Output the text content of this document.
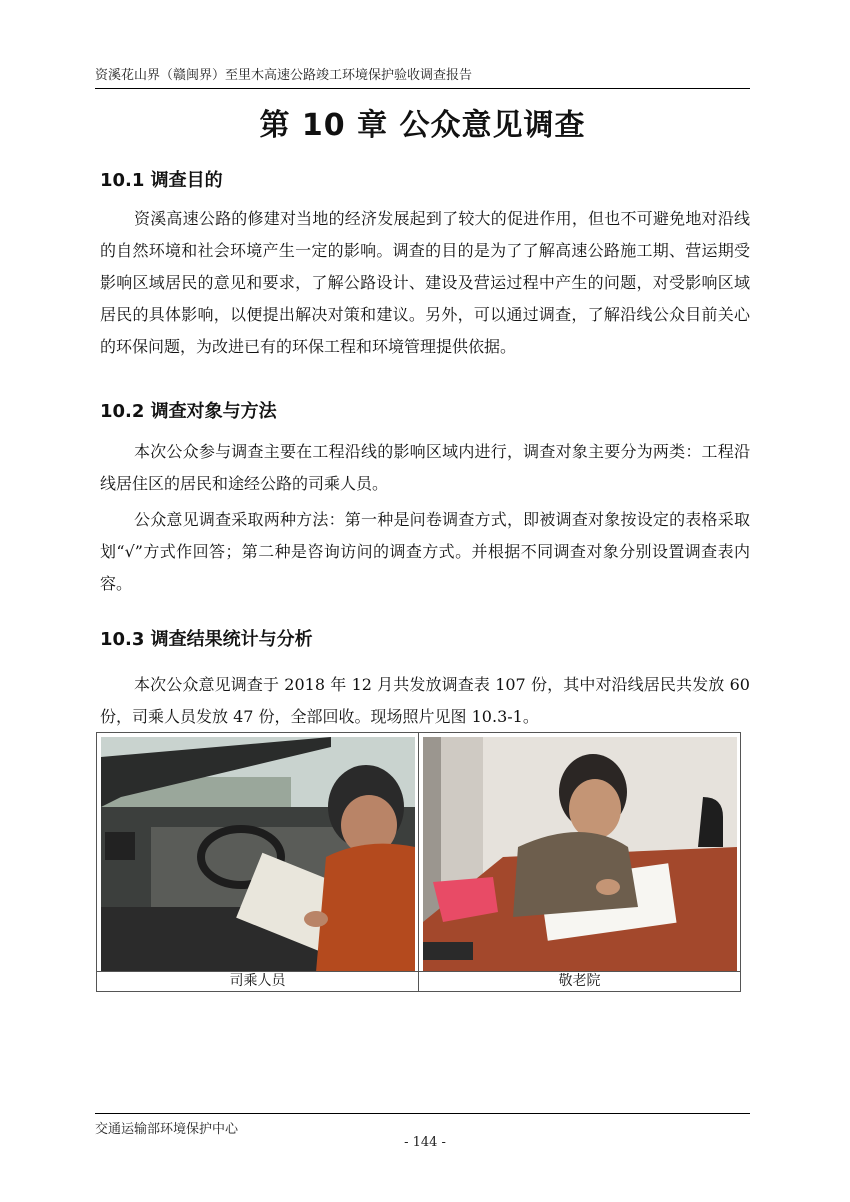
资溪花山界（赣闽界）至里木高速公路竣工环境保护验收调查报告
第 10 章 公众意见调查
10.1 调查目的

资溪高速公路的修建对当地的经济发展起到了较大的促进作用，但也不可避免地对沿线的自然环境和社会环境产生一定的影响。调查的目的是为了了解高速公路施工期、营运期受影响区域居民的意见和要求，了解公路设计、建设及营运过程中产生的问题，对受影响区域居民的具体影响，以便提出解决对策和建议。另外，可以通过调查，了解沿线公众目前关心的环保问题，为改进已有的环保工程和环境管理提供依据。

10.2 调查对象与方法

本次公众参与调查主要在工程沿线的影响区域内进行，调查对象主要分为两类：工程沿线居住区的居民和途经公路的司乘人员。

公众意见调查采取两种方法：第一种是问卷调查方式，即被调查对象按设定的表格采取划“√”方式作回答；第二种是咨询访问的调查方式。并根据不同调查对象分别设置调查表内容。

10.3 调查结果统计与分析

本次公众意见调查于 2018 年 12 月共发放调查表 107 份，其中对沿线居民共发放 60 份，司乘人员发放 47 份，全部回收。现场照片见图 10.3-1。

司乘人员	敬老院
交通运输部环境保护中心
- 144 -
